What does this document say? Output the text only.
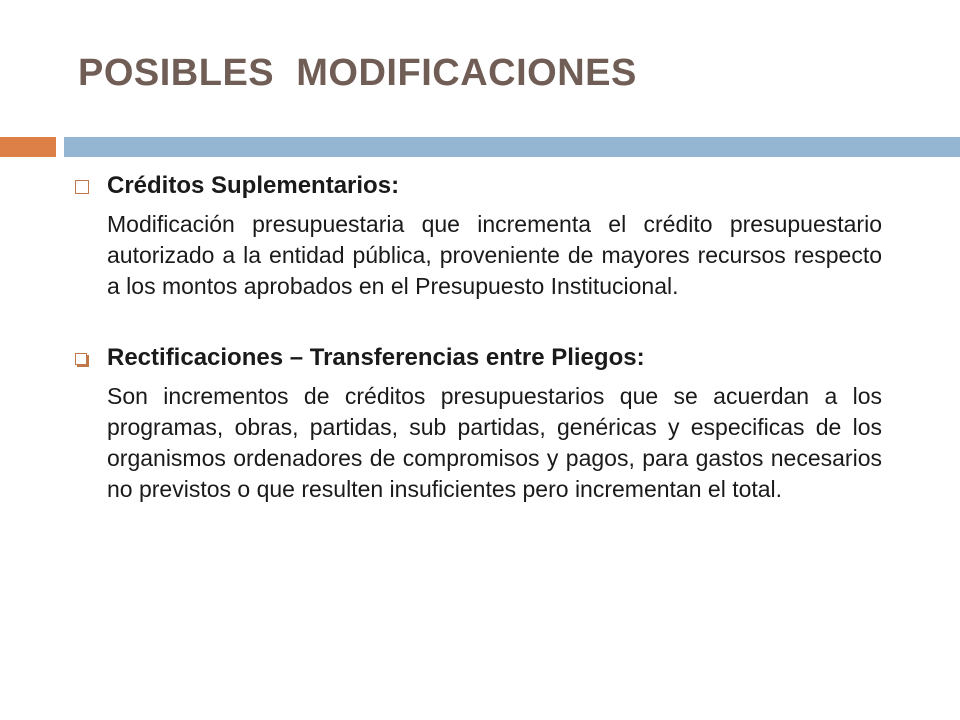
POSIBLES  MODIFICACIONES
Créditos Suplementarios:
Modificación presupuestaria que incrementa el crédito presupuestario autorizado a la entidad pública, proveniente de mayores recursos respecto a los montos aprobados en el Presupuesto Institucional.
Rectificaciones – Transferencias entre Pliegos:
Son incrementos de créditos presupuestarios que se acuerdan a los programas, obras, partidas, sub partidas, genéricas y especificas de los organismos ordenadores de compromisos y pagos, para gastos necesarios no previstos o que resulten insuficientes pero incrementan el total.
